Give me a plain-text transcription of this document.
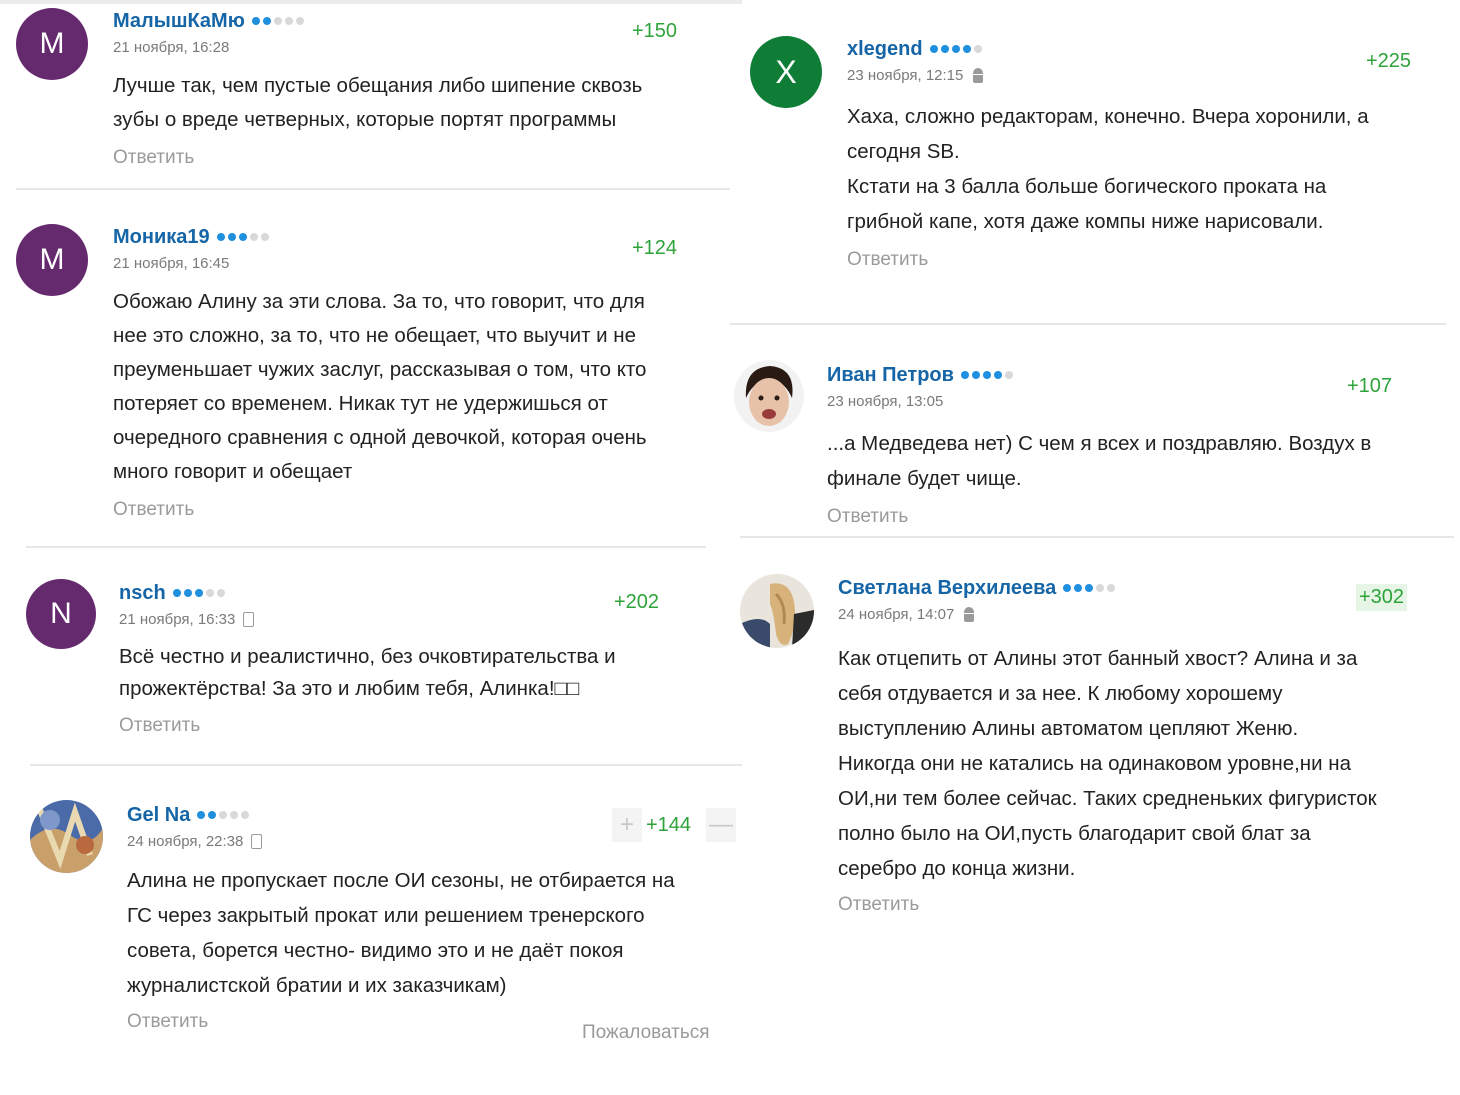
M
МалышКаМю
21 ноября, 16:28
Лучше так, чем пустые обещания либо шипение сквозь
зубы о вреде четверных, которые портят программы
Ответить
+150
M
Моника19
21 ноября, 16:45
Обожаю Алину за эти слова. За то, что говорит, что для
нее это сложно, за то, что не обещает, что выучит и не
преуменьшает чужих заслуг, рассказывая о том, что кто
потеряет со временем. Никак тут не удержишься от
очередного сравнения с одной девочкой, которая очень
много говорит и обещает
Ответить
+124
N
nsch
21 ноября, 16:33
Всё честно и реалистично, без очковтирательства и
прожектёрства! За это и любим тебя, Алинка!□□
Ответить
+202
Gel Na
24 ноября, 22:38
Алина не пропускает после ОИ сезоны, не отбирается на
ГС через закрытый прокат или решением тренерского
совета, борется честно- видимо это и не даёт покоя
журналистской братии и их заказчикам)
Ответить
+ +144 —
Пожаловаться
X
xlegend
23 ноября, 12:15
Хаха, сложно редакторам, конечно. Вчера хоронили, а
сегодня SB.
Кстати на 3 балла больше богического проката на
грибной капе, хотя даже компы ниже нарисовали.
Ответить
+225
Иван Петров
23 ноября, 13:05
...а Медведева нет) С чем я всех и поздравляю. Воздух в
финале будет чище.
Ответить
+107
Светлана Верхилеева
24 ноября, 14:07
Как отцепить от Алины этот банный хвост? Алина и за
себя отдувается и за нее. К любому хорошему
выступлению Алины автоматом цепляют Женю.
Никогда они не катались на одинаковом уровне,ни на
ОИ,ни тем более сейчас. Таких средненьких фигуристок
полно было на ОИ,пусть благодарит свой блат за
серебро до конца жизни.
Ответить
+302
